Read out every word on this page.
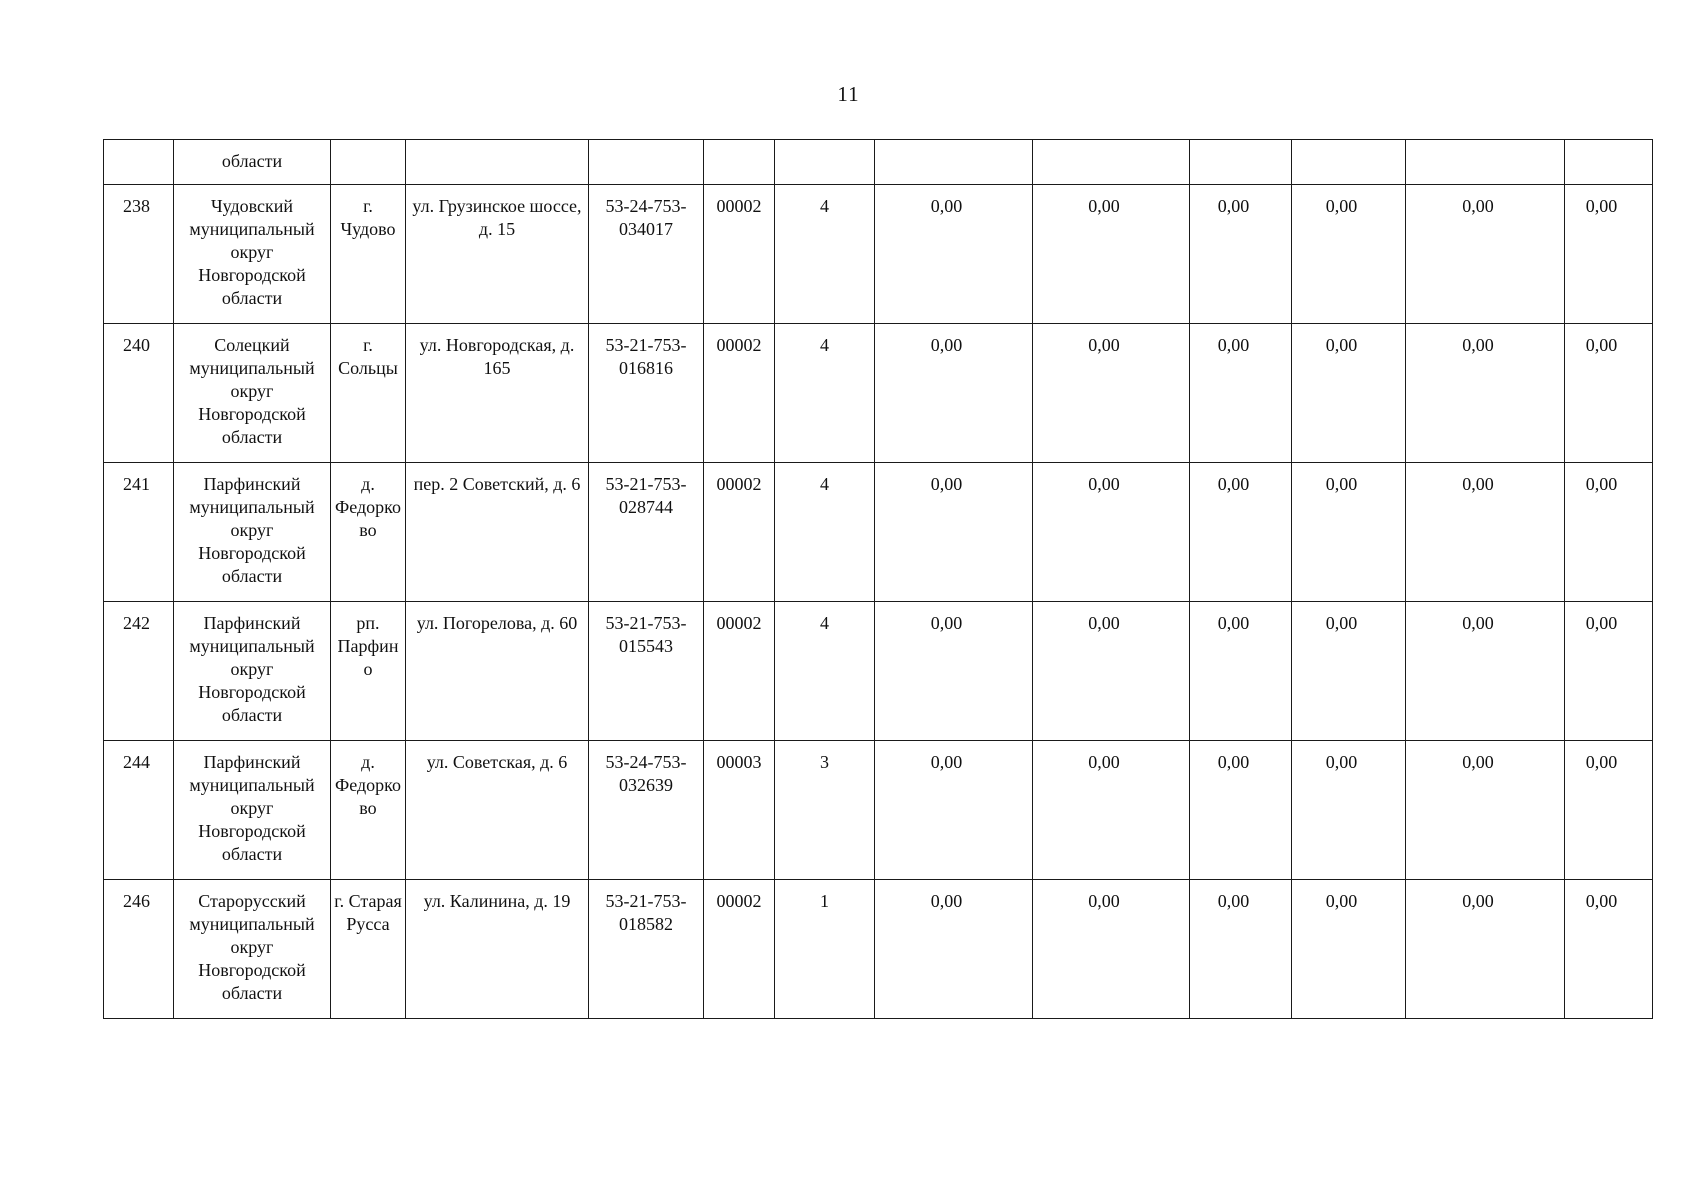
11
	области											
238	Чудовский муниципальный округ Новгородской области	г. Чудово	ул. Грузинское шоссе, д. 15	53-24-753-034017	00002	4	0,00	0,00	0,00	0,00	0,00	0,00
240	Солецкий муниципальный округ Новгородской области	г. Сольцы	ул. Новгородская, д. 165	53-21-753-016816	00002	4	0,00	0,00	0,00	0,00	0,00	0,00
241	Парфинский муниципальный округ Новгородской области	д. Федорково	пер. 2 Советский, д. 6	53-21-753-028744	00002	4	0,00	0,00	0,00	0,00	0,00	0,00
242	Парфинский муниципальный округ Новгородской области	рп. Парфино	ул. Погорелова, д. 60	53-21-753-015543	00002	4	0,00	0,00	0,00	0,00	0,00	0,00
244	Парфинский муниципальный округ Новгородской области	д. Федорково	ул. Советская, д. 6	53-24-753-032639	00003	3	0,00	0,00	0,00	0,00	0,00	0,00
246	Старорусский муниципальный округ Новгородской области	г. Старая Русса	ул. Калинина, д. 19	53-21-753-018582	00002	1	0,00	0,00	0,00	0,00	0,00	0,00
